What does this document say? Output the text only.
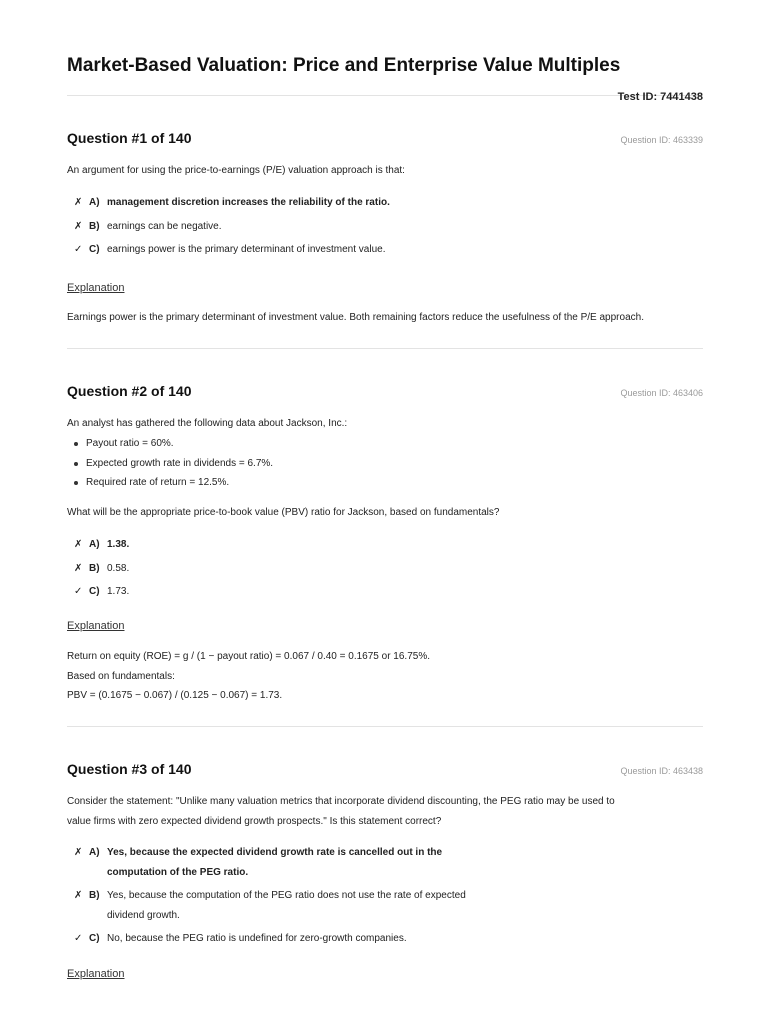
Market-Based Valuation: Price and Enterprise Value Multiples
Test ID: 7441438
Question #1 of 140	Question ID: 463339
An argument for using the price-to-earnings (P/E) valuation approach is that:
✗ A) management discretion increases the reliability of the ratio.
✗ B) earnings can be negative.
✓ C) earnings power is the primary determinant of investment value.
Explanation
Earnings power is the primary determinant of investment value. Both remaining factors reduce the usefulness of the P/E approach.
Question #2 of 140	Question ID: 463406
An analyst has gathered the following data about Jackson, Inc.:
Payout ratio = 60%.
Expected growth rate in dividends = 6.7%.
Required rate of return = 12.5%.
What will be the appropriate price-to-book value (PBV) ratio for Jackson, based on fundamentals?
✗ A) 1.38.
✗ B) 0.58.
✓ C) 1.73.
Explanation
Return on equity (ROE) = g / (1 − payout ratio) = 0.067 / 0.40 = 0.1675 or 16.75%.
Based on fundamentals:
PBV = (0.1675 − 0.067) / (0.125 − 0.067) = 1.73.
Question #3 of 140	Question ID: 463438
Consider the statement: "Unlike many valuation metrics that incorporate dividend discounting, the PEG ratio may be used to
value firms with zero expected dividend growth prospects." Is this statement correct?
✗ A) Yes, because the expected dividend growth rate is cancelled out in the
computation of the PEG ratio.
✗ B) Yes, because the computation of the PEG ratio does not use the rate of expected
dividend growth.
✓ C) No, because the PEG ratio is undefined for zero-growth companies.
Explanation
